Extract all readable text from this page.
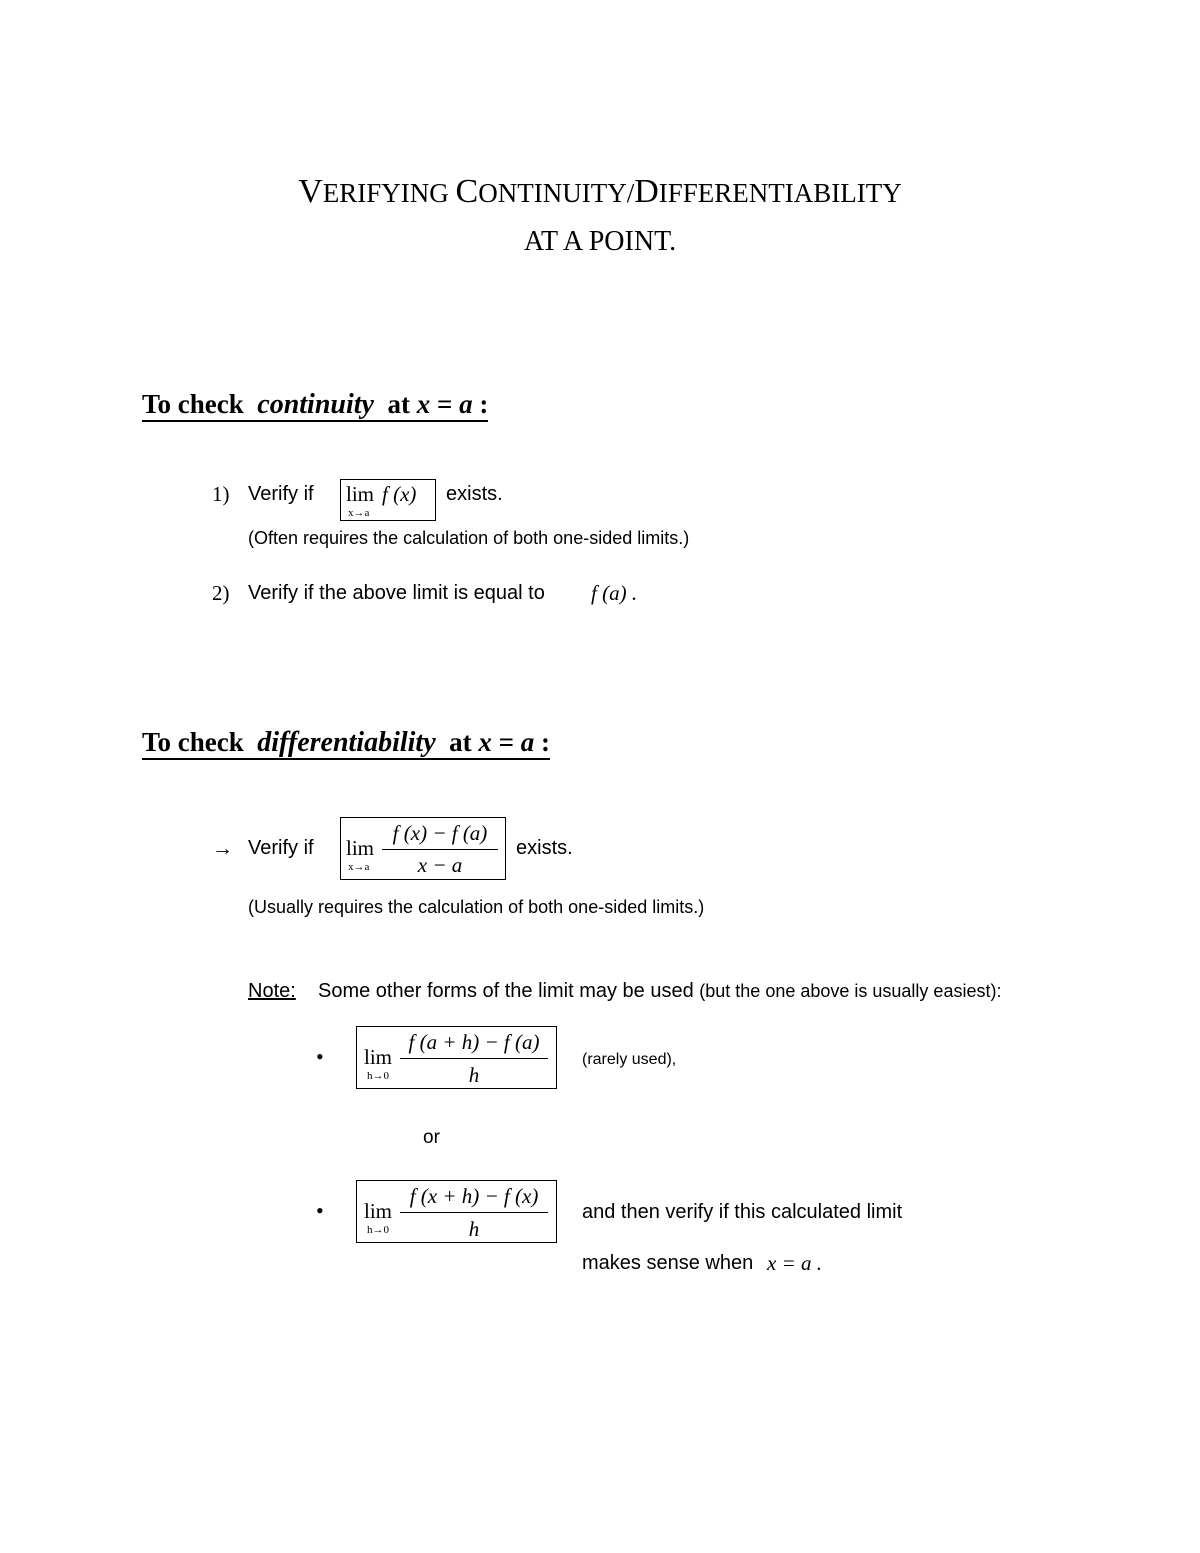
VERIFYING CONTINUITY/DIFFERENTIABILITY
AT A POINT.
To check continuity at x = a :
1) Verify if lim
x→a
f (x) exists.
(Often requires the calculation of both one-sided limits.)
2) Verify if the above limit is equal to f (a) .
To check differentiability at x = a :
→ Verify if lim
x→a
f (x) − f (a)
x − a
exists.
(Usually requires the calculation of both one-sided limits.)
Note: Some other forms of the limit may be used (but the one above is usually easiest):
• lim
h→0
f (a + h) − f (a)
h
(rarely used),
or
• lim
h→0
f (x + h) − f (x)
h
and then verify if this calculated limit
makes sense when x = a .
